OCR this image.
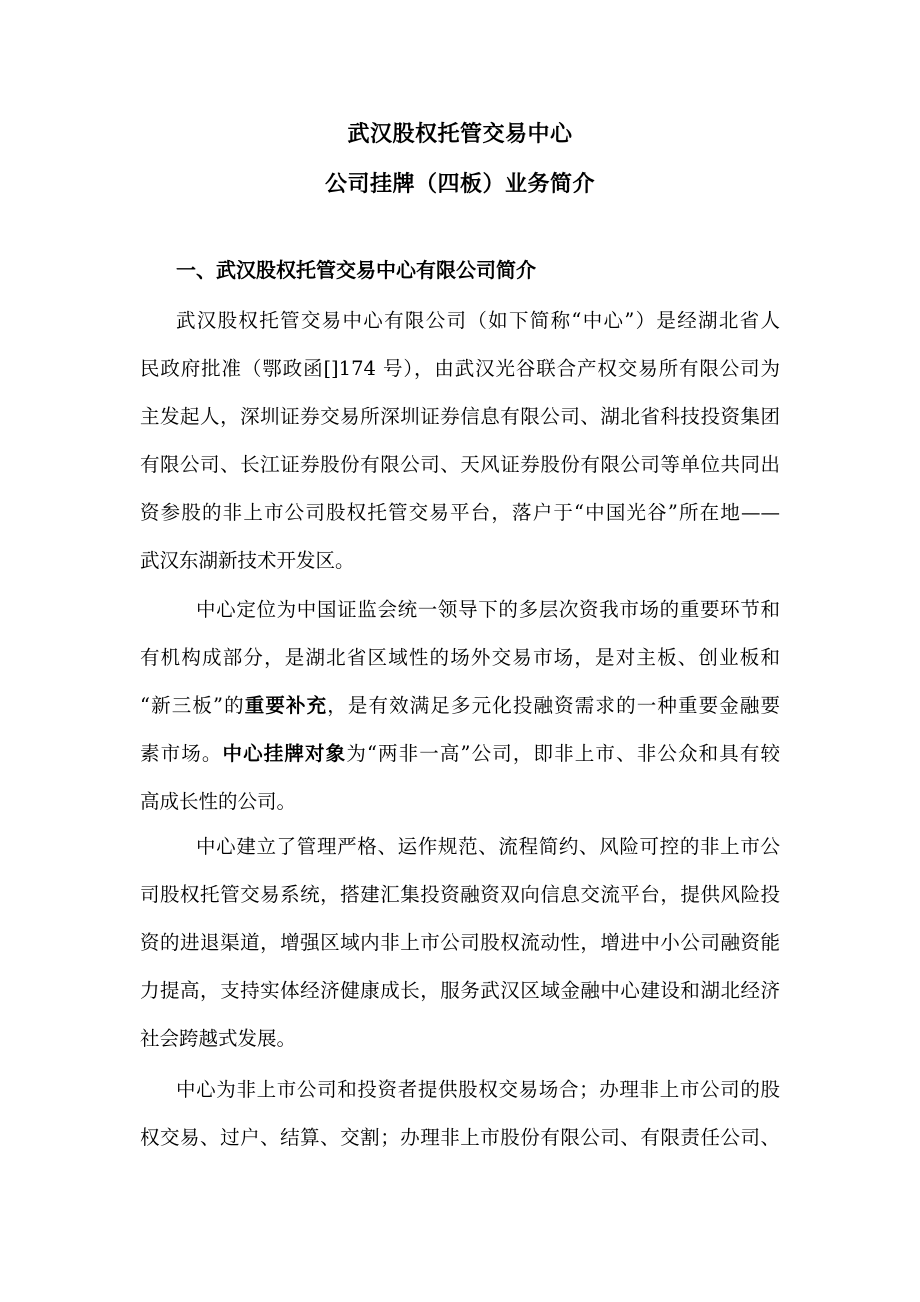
武汉股权托管交易中心
公司挂牌（四板）业务简介
一、武汉股权托管交易中心有限公司简介
武汉股权托管交易中心有限公司（如下简称“中心”）是经湖北省人
民政府批准（鄂政函[]174 号），由武汉光谷联合产权交易所有限公司为
主发起人，深圳证券交易所深圳证券信息有限公司、湖北省科技投资集团
有限公司、长江证券股份有限公司、天风证券股份有限公司等单位共同出
资参股的非上市公司股权托管交易平台，落户于“中国光谷”所在地——
武汉东湖新技术开发区。
中心定位为中国证监会统一领导下的多层次资我市场的重要环节和
有机构成部分，是湖北省区域性的场外交易市场，是对主板、创业板和
“新三板”的重要补充，是有效满足多元化投融资需求的一种重要金融要
素市场。中心挂牌对象为“两非一高”公司，即非上市、非公众和具有较
高成长性的公司。
中心建立了管理严格、运作规范、流程简约、风险可控的非上市公
司股权托管交易系统，搭建汇集投资融资双向信息交流平台，提供风险投
资的进退渠道，增强区域内非上市公司股权流动性，增进中小公司融资能
力提高，支持实体经济健康成长，服务武汉区域金融中心建设和湖北经济
社会跨越式发展。
中心为非上市公司和投资者提供股权交易场合；办理非上市公司的股
权交易、过户、结算、交割；办理非上市股份有限公司、有限责任公司、
